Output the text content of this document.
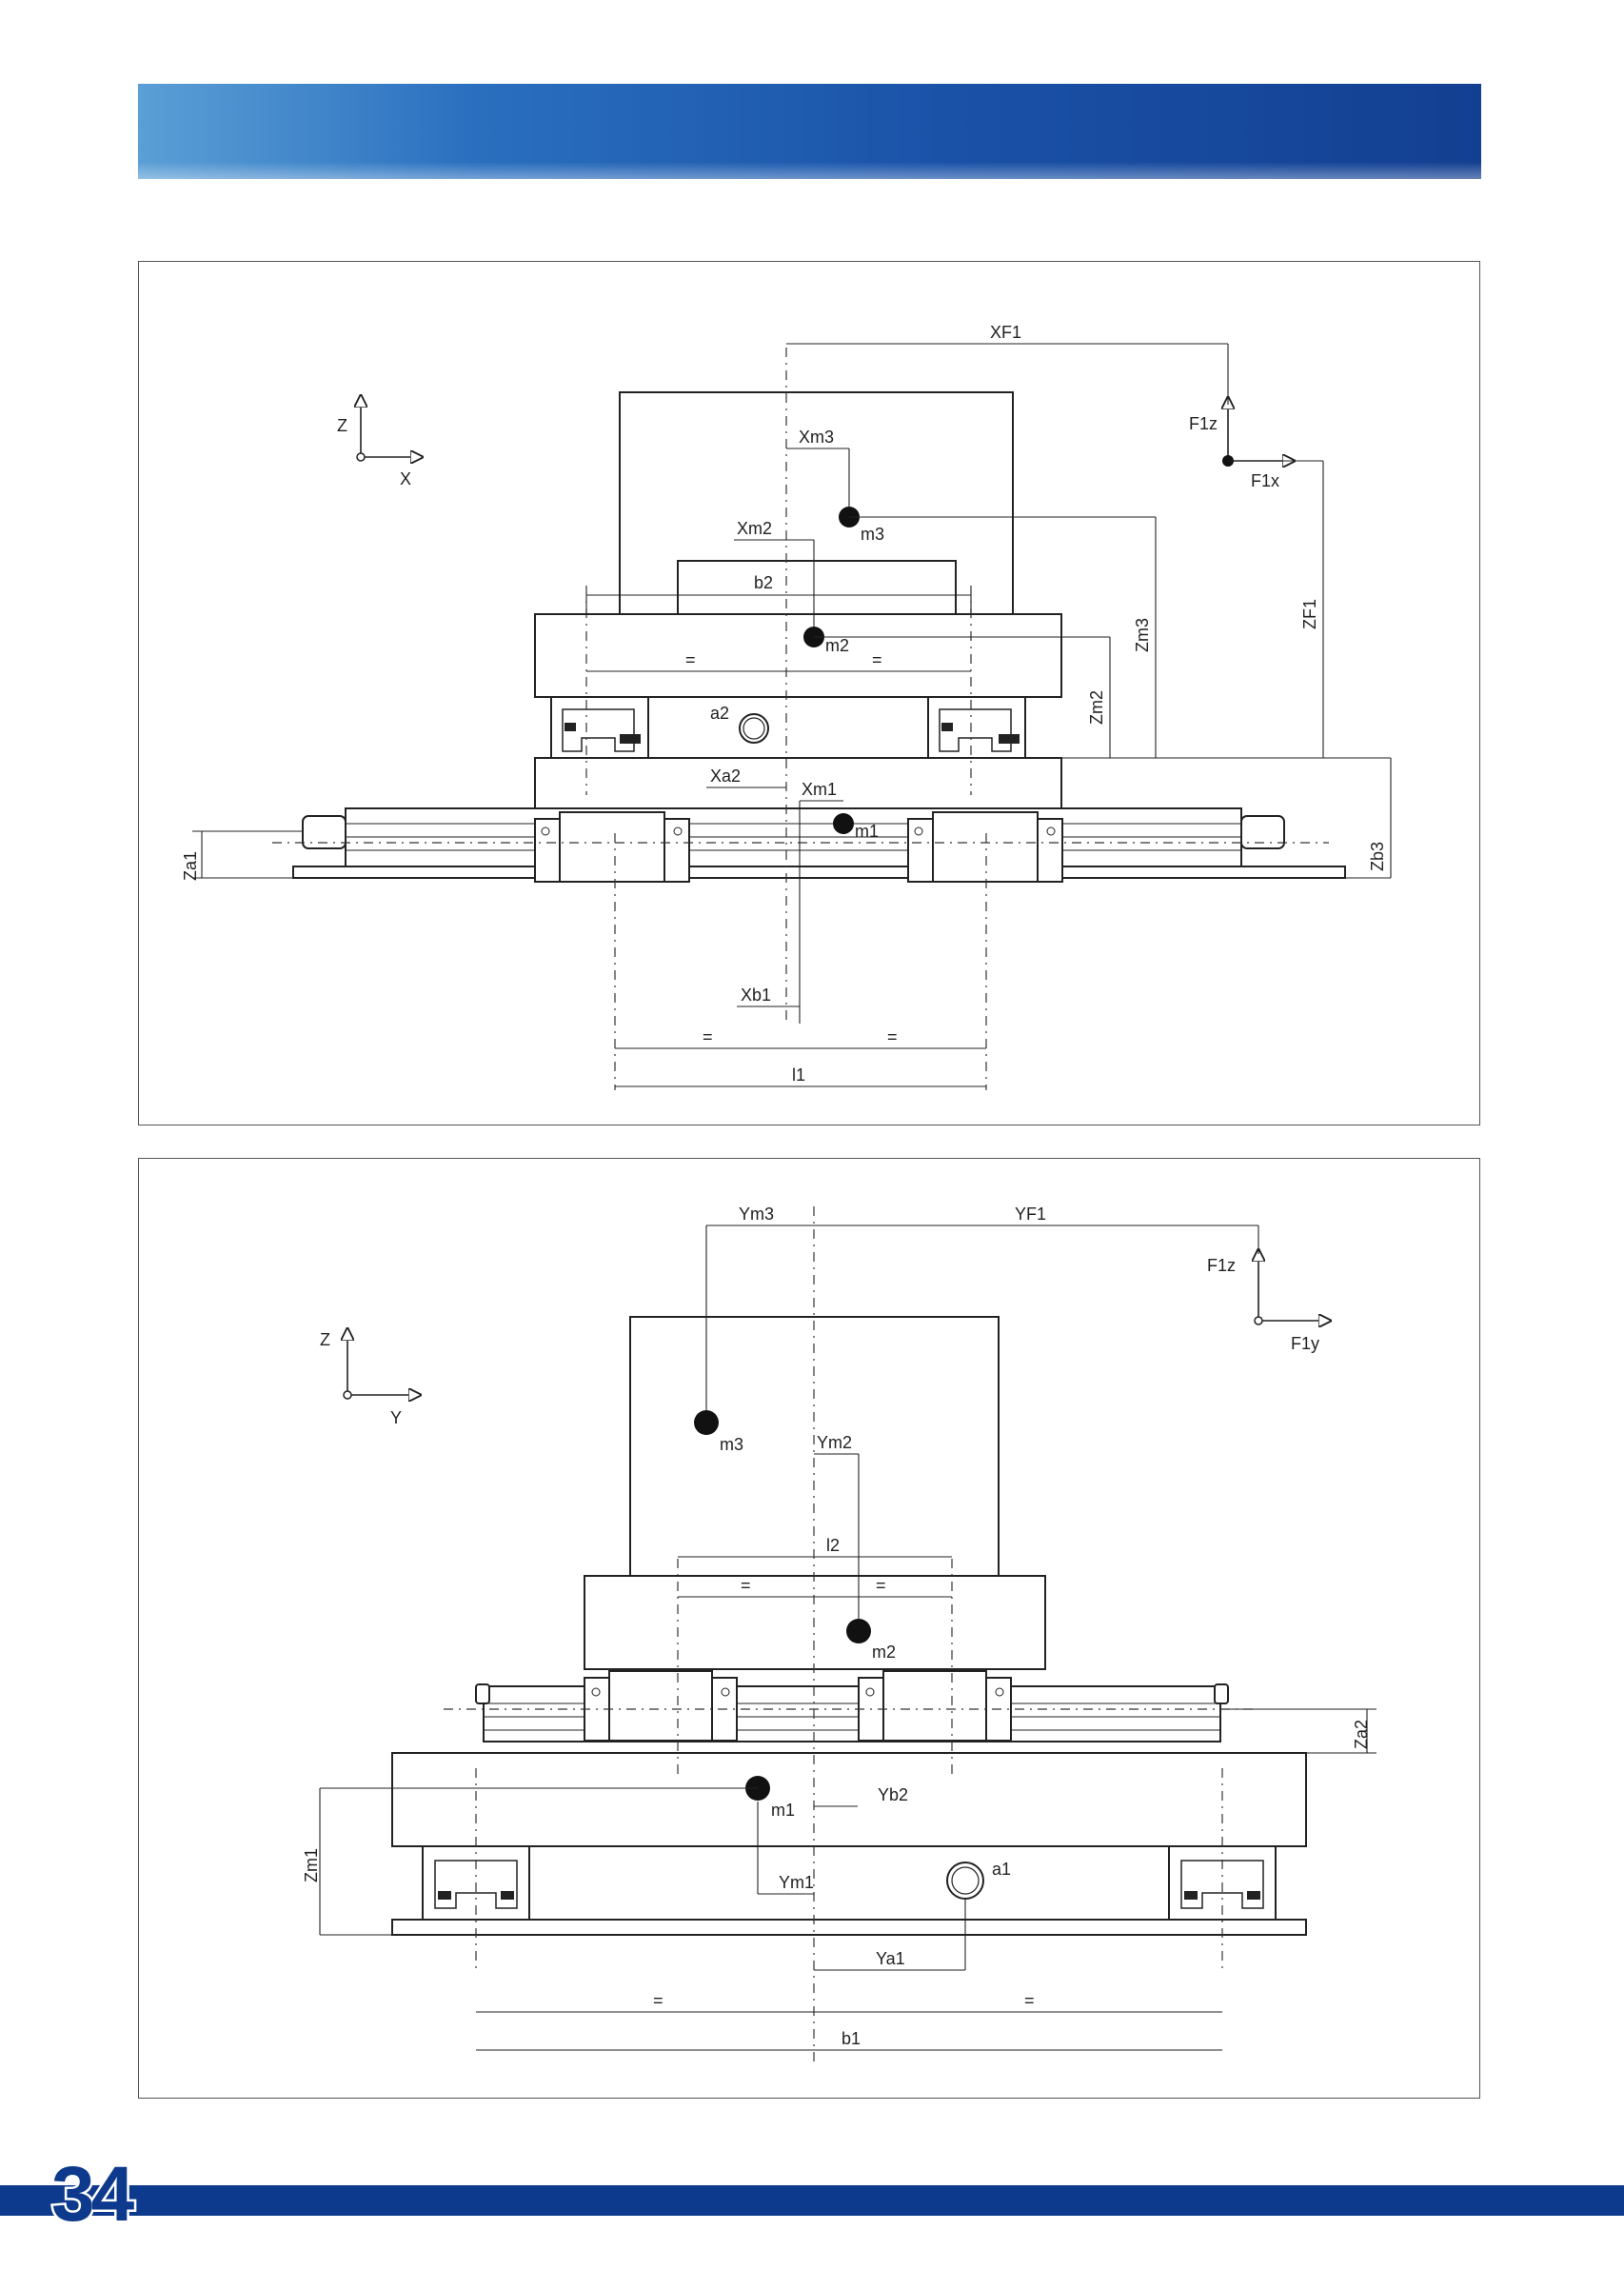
Z
X
F1z
F1x
a2
m3
m2
m1
XF1
Xm3
Xm2
b2
=	=
Zm3
Zm2
ZF1
Zb3
Za1
Xa2
Xm1
Xb1
=	=
l1
Z
Y
F1z
F1y
a1
m3
m2
m1
Ym3	YF1
Ym2
l2
=	=
Za2
Yb2
Zm1	Ym1
Ya1
=	=
b1
34
